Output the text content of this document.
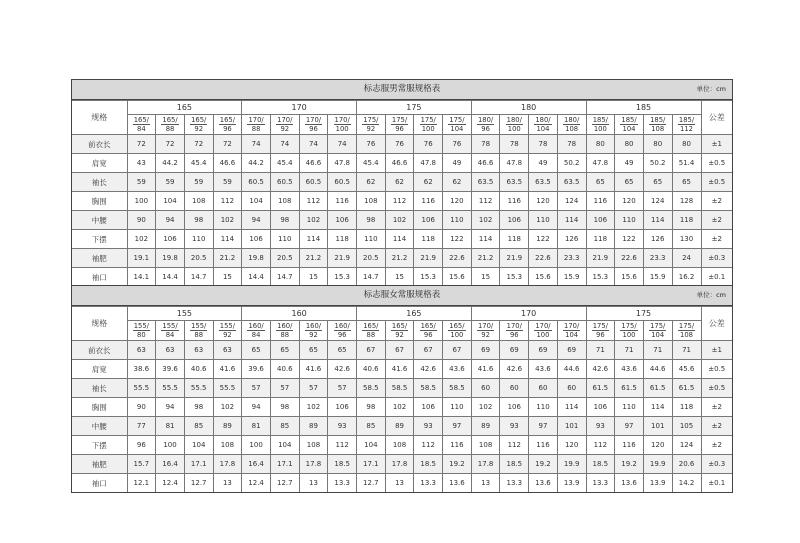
标志服男常服规格表	单位：cm
规格	165				170				175				180				185				公差

	$\frac{165/}{84}$	$\frac{165/}{88}$	$\frac{165/}{92}$	$\frac{165/}{96}$	$\frac{170/}{88}$	$\frac{170/}{92}$	$\frac{170/}{96}$	$\frac{170/}{100}$	$\frac{175/}{92}$	$\frac{175/}{96}$	$\frac{175/}{100}$	$\frac{175/}{104}$	$\frac{180/}{96}$	$\frac{180/}{100}$	$\frac{180/}{104}$	$\frac{180/}{108}$	$\frac{185/}{100}$	$\frac{185/}{104}$	$\frac{185/}{108}$	$\frac{185/}{112}$

前衣长	72	72	72	72	74	74	74	74	76	76	76	76	78	78	78	78	80	80	80	80	±1
肩宽	43	44.2	45.4	46.6	44.2	45.4	46.6	47.8	45.4	46.6	47.8	49	46.6	47.8	49	50.2	47.8	49	50.2	51.4	±0.5
袖长	59	59	59	59	60.5	60.5	60.5	60.5	62	62	62	62	63.5	63.5	63.5	63.5	65	65	65	65	±0.5
胸围	100	104	108	112	104	108	112	116	108	112	116	120	112	116	120	124	116	120	124	128	±2
中腰	90	94	98	102	94	98	102	106	98	102	106	110	102	106	110	114	106	110	114	118	±2
下摆	102	106	110	114	106	110	114	118	110	114	118	122	114	118	122	126	118	122	126	130	±2
袖肥	19.1	19.8	20.5	21.2	19.8	20.5	21.2	21.9	20.5	21.2	21.9	22.6	21.2	21.9	22.6	23.3	21.9	22.6	23.3	24	±0.3
袖口	14.1	14.4	14.7	15	14.4	14.7	15	15.3	14.7	15	15.3	15.6	15	15.3	15.6	15.9	15.3	15.6	15.9	16.2	±0.1
标志服女常服规格表	单位：cm
规格	155				160				165				170				175				公差

	$\frac{155/}{80}$	$\frac{155/}{84}$	$\frac{155/}{88}$	$\frac{155/}{92}$	$\frac{160/}{84}$	$\frac{160/}{88}$	$\frac{160/}{92}$	$\frac{160/}{96}$	$\frac{165/}{88}$	$\frac{165/}{92}$	$\frac{165/}{96}$	$\frac{165/}{100}$	$\frac{170/}{92}$	$\frac{170/}{96}$	$\frac{170/}{100}$	$\frac{170/}{104}$	$\frac{175/}{96}$	$\frac{175/}{100}$	$\frac{175/}{104}$	$\frac{175/}{108}$

前衣长	63	63	63	63	65	65	65	65	67	67	67	67	69	69	69	69	71	71	71	71	±1
肩宽	38.6	39.6	40.6	41.6	39.6	40.6	41.6	42.6	40.6	41.6	42.6	43.6	41.6	42.6	43.6	44.6	42.6	43.6	44.6	45.6	±0.5
袖长	55.5	55.5	55.5	55.5	57	57	57	57	58.5	58.5	58.5	58.5	60	60	60	60	61.5	61.5	61.5	61.5	±0.5
胸围	90	94	98	102	94	98	102	106	98	102	106	110	102	106	110	114	106	110	114	118	±2
中腰	77	81	85	89	81	85	89	93	85	89	93	97	89	93	97	101	93	97	101	105	±2
下摆	96	100	104	108	100	104	108	112	104	108	112	116	108	112	116	120	112	116	120	124	±2
袖肥	15.7	16.4	17.1	17.8	16.4	17.1	17.8	18.5	17.1	17.8	18.5	19.2	17.8	18.5	19.2	19.9	18.5	19.2	19.9	20.6	±0.3
袖口	12.1	12.4	12.7	13	12.4	12.7	13	13.3	12.7	13	13.3	13.6	13	13.3	13.6	13.9	13.3	13.6	13.9	14.2	±0.1
